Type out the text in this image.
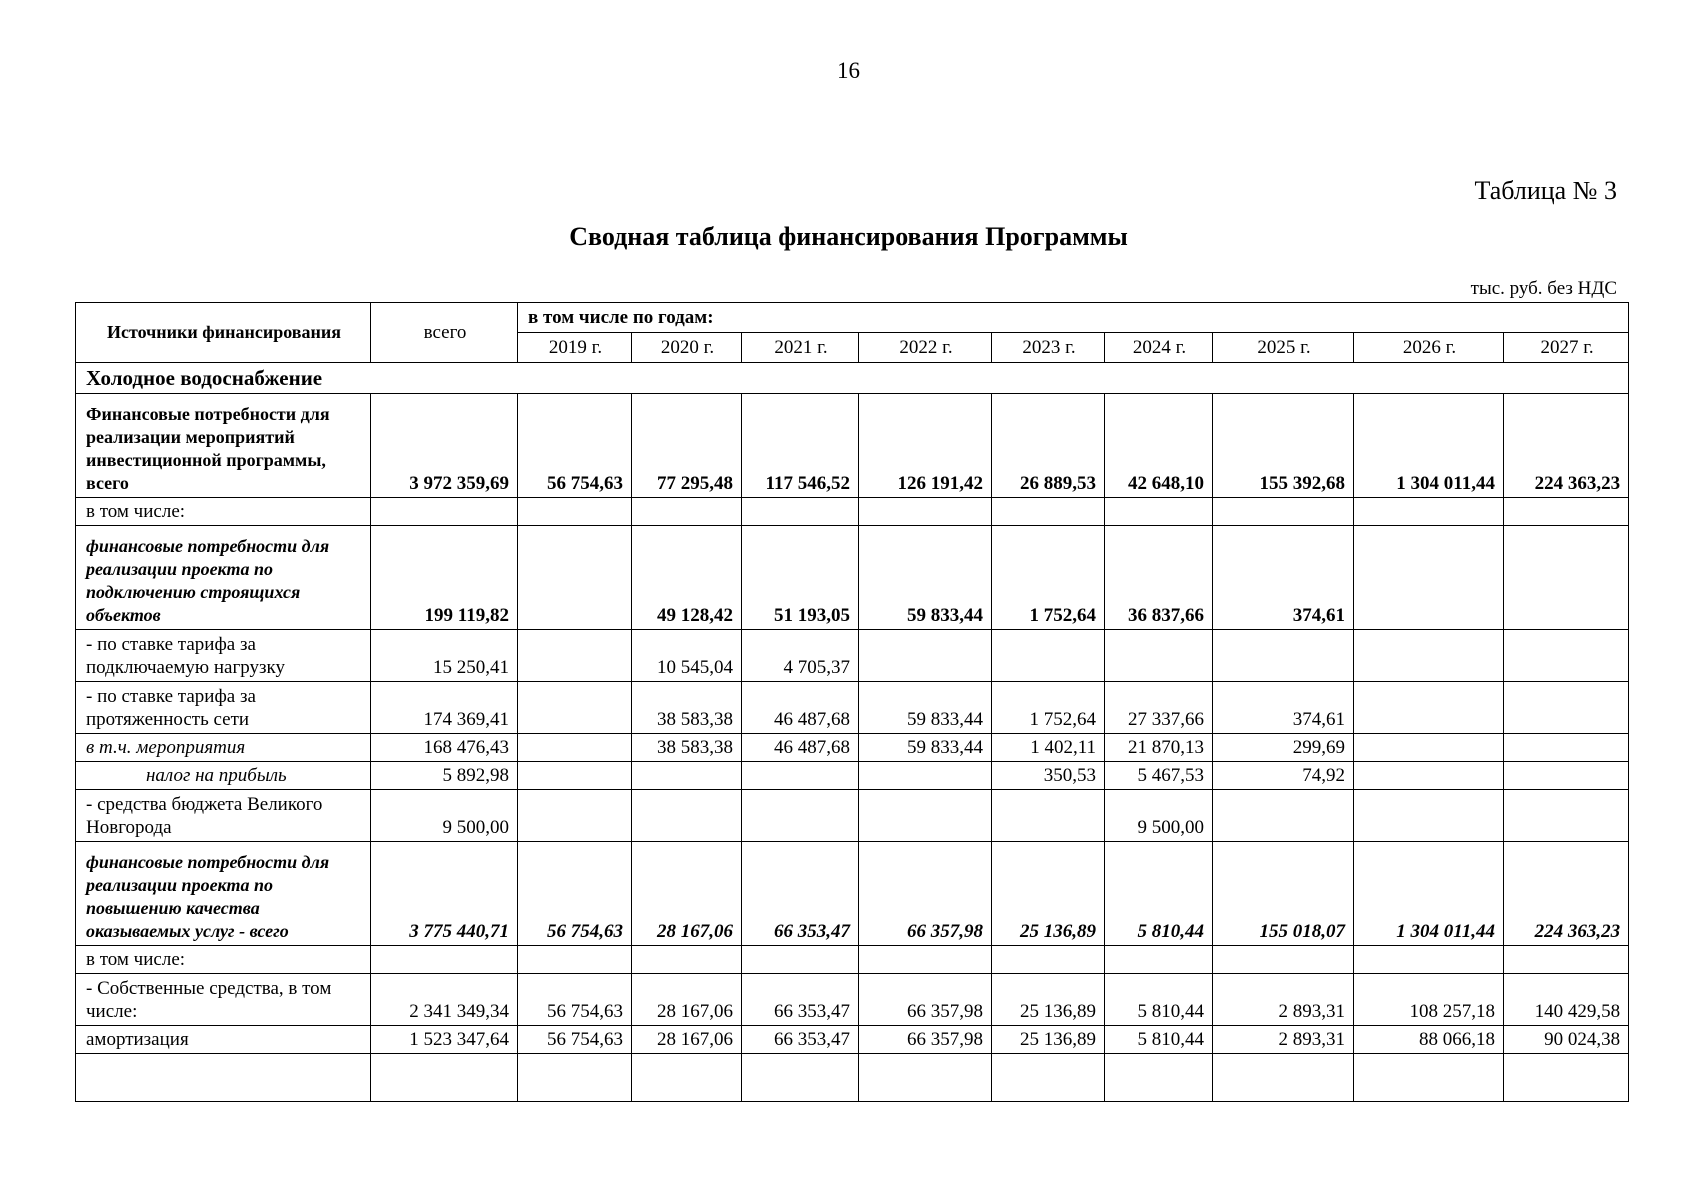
16
Таблица № 3
Сводная таблица финансирования Программы
тыс. руб. без НДС
Источники финансирования	всего	в том числе по годам:								
		2019 г.	2020 г.	2021 г.	2022 г.	2023 г.	2024 г.	2025 г.	2026 г.	2027 г.
Холодное водоснабжение										
Финансовые потребности для реализации мероприятий инвестиционной программы, всего	3 972 359,69	56 754,63	77 295,48	117 546,52	126 191,42	26 889,53	42 648,10	155 392,68	1 304 011,44	224 363,23
в том числе:										
финансовые потребности для реализации проекта по подключению строящихся объектов	199 119,82		49 128,42	51 193,05	59 833,44	1 752,64	36 837,66	374,61		
- по ставке тарифа за подключаемую нагрузку	15 250,41		10 545,04	4 705,37						
- по ставке тарифа за протяженность сети	174 369,41		38 583,38	46 487,68	59 833,44	1 752,64	27 337,66	374,61		
в т.ч. мероприятия	168 476,43		38 583,38	46 487,68	59 833,44	1 402,11	21 870,13	299,69		
налог на прибыль	5 892,98					350,53	5 467,53	74,92		
- средства бюджета Великого Новгорода	9 500,00						9 500,00			
финансовые потребности для реализации проекта по повышению качества оказываемых услуг - всего	3 775 440,71	56 754,63	28 167,06	66 353,47	66 357,98	25 136,89	5 810,44	155 018,07	1 304 011,44	224 363,23
в том числе:										
- Собственные средства, в том числе:	2 341 349,34	56 754,63	28 167,06	66 353,47	66 357,98	25 136,89	5 810,44	2 893,31	108 257,18	140 429,58
амортизация	1 523 347,64	56 754,63	28 167,06	66 353,47	66 357,98	25 136,89	5 810,44	2 893,31	88 066,18	90 024,38
